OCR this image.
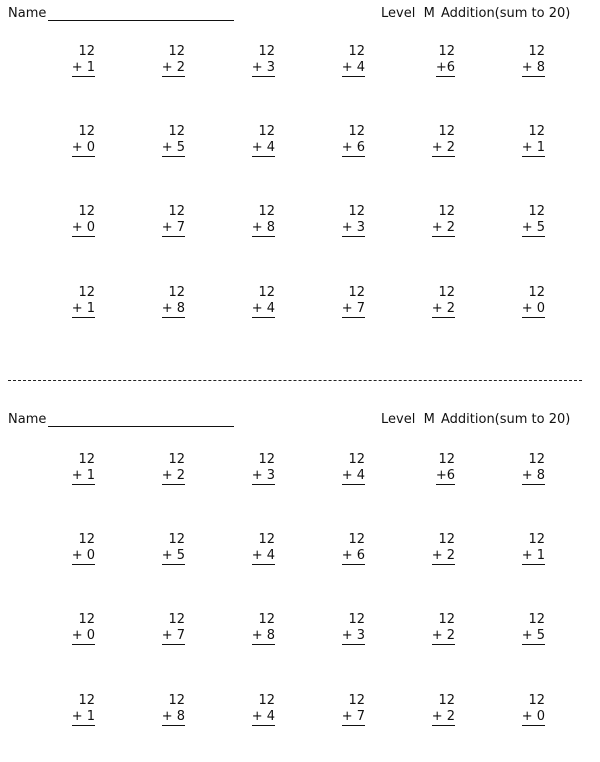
Name	Level  M Addition(sum to 20)
12
+ 1
12
+ 2
12
+ 3
12
+ 4
12
+6
12
+ 8
12
+ 0
12
+ 5
12
+ 4
12
+ 6
12
+ 2
12
+ 1
12
+ 0
12
+ 7
12
+ 8
12
+ 3
12
+ 2
12
+ 5
12
+ 1
12
+ 8
12
+ 4
12
+ 7
12
+ 2
12
+ 0
Name	Level  M Addition(sum to 20)
12
+ 1
12
+ 2
12
+ 3
12
+ 4
12
+6
12
+ 8
12
+ 0
12
+ 5
12
+ 4
12
+ 6
12
+ 2
12
+ 1
12
+ 0
12
+ 7
12
+ 8
12
+ 3
12
+ 2
12
+ 5
12
+ 1
12
+ 8
12
+ 4
12
+ 7
12
+ 2
12
+ 0
